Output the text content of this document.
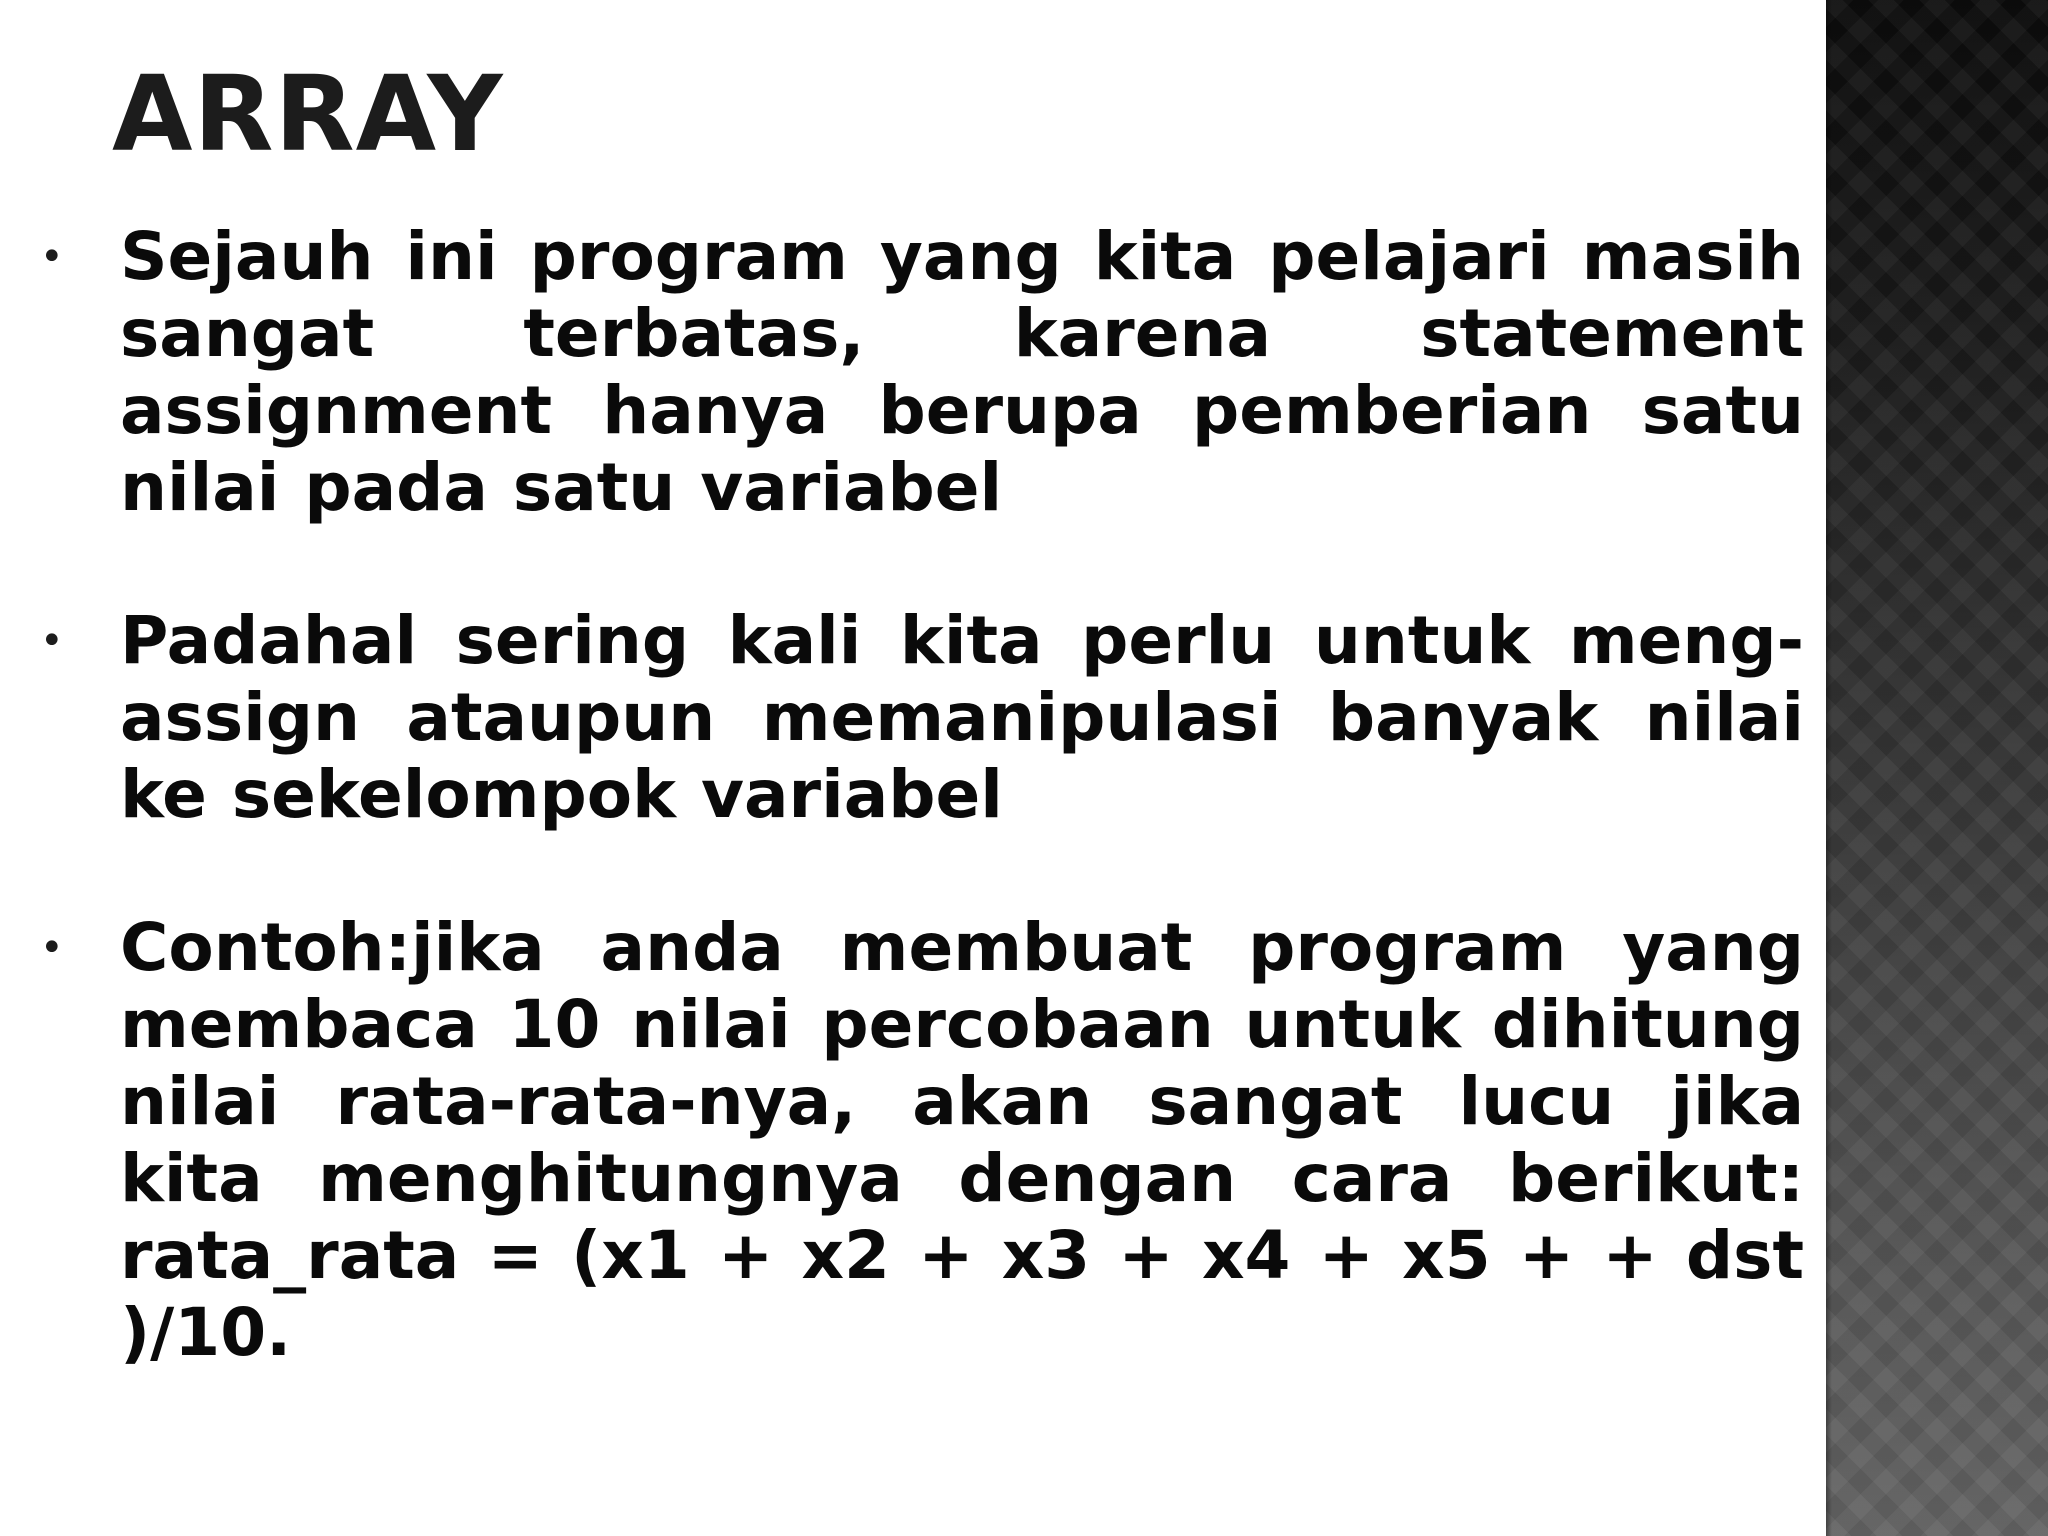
ARRAY
• Sejauh ini program yang kita pelajari masih sangat terbatas, karena statement assignment hanya berupa pemberian satu nilai pada satu variabel
• Padahal sering kali kita perlu untuk meng-assign ataupun memanipulasi banyak nilai ke sekelompok variabel
• Contoh:jika anda membuat program yang membaca 10 nilai percobaan untuk dihitung nilai rata-rata-nya, akan sangat lucu jika kita menghitungnya dengan cara berikut: rata_rata = (x1 + x2 + x3 + x4 + x5 + + dst )/10.
